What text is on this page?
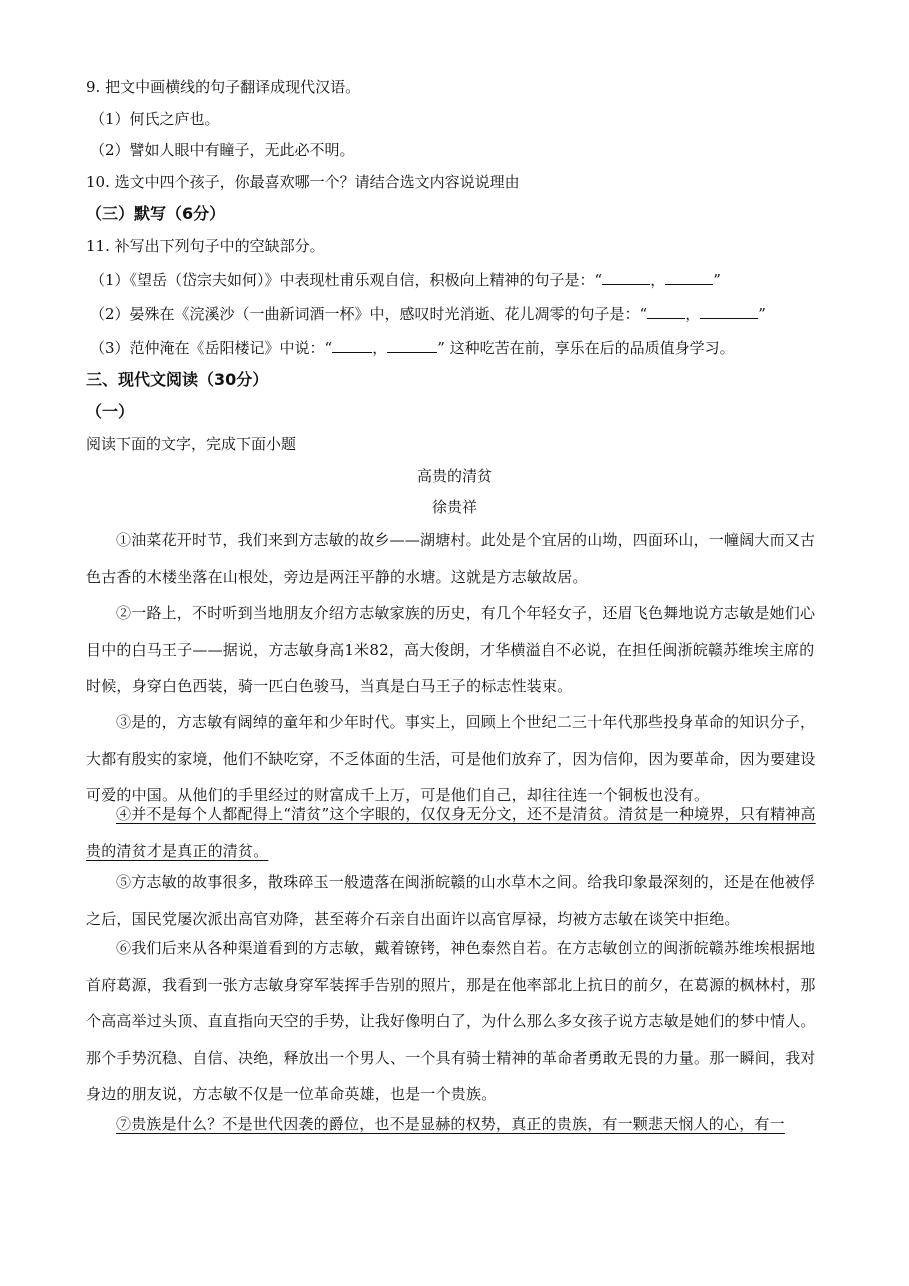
9. 把文中画横线的句子翻译成现代汉语。
（1）何氏之庐也。
（2）譬如人眼中有瞳子，无此必不明。
10. 选文中四个孩子，你最喜欢哪一个？请结合选文内容说说理由
（三）默写（6分）
11. 补写出下列句子中的空缺部分。
（1）《望岳（岱宗夫如何）》中表现杜甫乐观自信，积极向上精神的句子是：“	，	”
（2）晏殊在《浣溪沙（一曲新词酒一杯》中，感叹时光消逝、花儿凋零的句子是：“	，	”
（3）范仲淹在《岳阳楼记》中说：“	，	” 这种吃苦在前，享乐在后的品质值身学习。
三、现代文阅读（30分）
（一）
阅读下面的文字，完成下面小题
高贵的清贫
徐贵祥
①油菜花开时节，我们来到方志敏的故乡——湖塘村。此处是个宜居的山坳，四面环山，一幢阔大而又古色古香的木楼坐落在山根处，旁边是两汪平静的水塘。这就是方志敏故居。
②一路上，不时听到当地朋友介绍方志敏家族的历史，有几个年轻女子，还眉飞色舞地说方志敏是她们心目中的白马王子——据说，方志敏身高1米82，高大俊朗，才华横溢自不必说，在担任闽浙皖赣苏维埃主席的时候，身穿白色西装，骑一匹白色骏马，当真是白马王子的标志性装束。
③是的，方志敏有阔绰的童年和少年时代。事实上，回顾上个世纪二三十年代那些投身革命的知识分子，大都有殷实的家境，他们不缺吃穿，不乏体面的生活，可是他们放弃了，因为信仰，因为要革命，因为要建设可爱的中国。从他们的手里经过的财富成千上万，可是他们自己，却往往连一个铜板也没有。
④并不是每个人都配得上“清贫”这个字眼的，仅仅身无分文，还不是清贫。清贫是一种境界，只有精神高贵的清贫才是真正的清贫。
⑤方志敏的故事很多，散珠碎玉一般遗落在闽浙皖赣的山水草木之间。给我印象最深刻的，还是在他被俘之后，国民党屡次派出高官劝降，甚至蒋介石亲自出面许以高官厚禄，均被方志敏在谈笑中拒绝。
⑥我们后来从各种渠道看到的方志敏，戴着镣铐，神色泰然自若。在方志敏创立的闽浙皖赣苏维埃根据地首府葛源，我看到一张方志敏身穿军装挥手告别的照片，那是在他率部北上抗日的前夕，在葛源的枫林村，那个高高举过头顶、直直指向天空的手势，让我好像明白了，为什么那么多女孩子说方志敏是她们的梦中情人。那个手势沉稳、自信、决绝，释放出一个男人、一个具有骑士精神的革命者勇敢无畏的力量。那一瞬间，我对身边的朋友说，方志敏不仅是一位革命英雄，也是一个贵族。
⑦贵族是什么？不是世代因袭的爵位，也不是显赫的权势，真正的贵族，有一颗悲天悯人的心，有一
